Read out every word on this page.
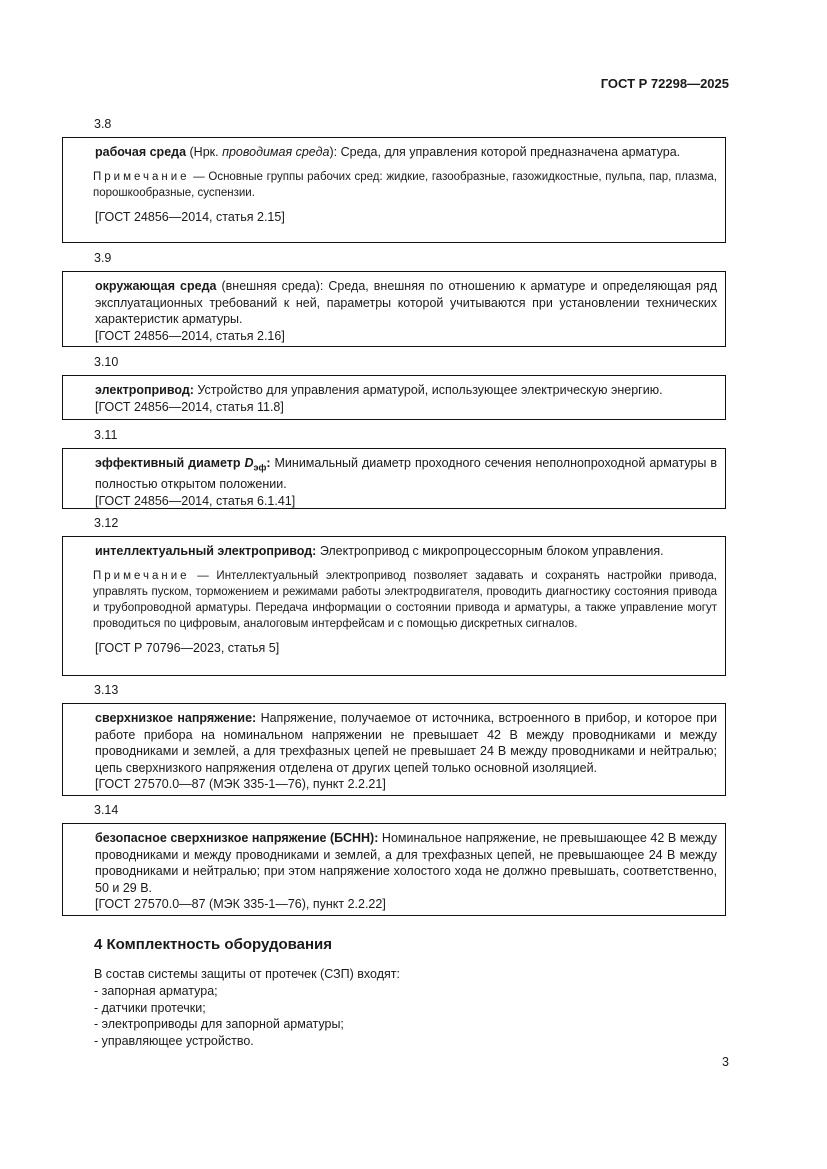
ГОСТ Р 72298—2025
3.8

рабочая среда (Нрк. проводимая среда): Среда, для управления которой предназначена арматура.

Примечание — Основные группы рабочих сред: жидкие, газообразные, газожидкостные, пульпа, пар, плазма, порошкообразные, суспензии.

[ГОСТ 24856—2014, статья 2.15]

3.9

окружающая среда (внешняя среда): Среда, внешняя по отношению к арматуре и определяющая ряд эксплуатационных требований к ней, параметры которой учитываются при установлении технических характеристик арматуры.

[ГОСТ 24856—2014, статья 2.16]

3.10

электропривод: Устройство для управления арматурой, использующее электрическую энергию.

[ГОСТ 24856—2014, статья 11.8]

3.11

эффективный диаметр $D_{эф}$: Минимальный диаметр проходного сечения неполнопроходной арматуры в полностью открытом положении.

[ГОСТ 24856—2014, статья 6.1.41]

3.12

интеллектуальный электропривод: Электропривод с микропроцессорным блоком управления.

Примечание — Интеллектуальный электропривод позволяет задавать и сохранять настройки привода, управлять пуском, торможением и режимами работы электродвигателя, проводить диагностику состояния привода и трубопроводной арматуры. Передача информации о состоянии привода и арматуры, а также управление могут проводиться по цифровым, аналоговым интерфейсам и с помощью дискретных сигналов.

[ГОСТ Р 70796—2023, статья 5]

3.13

сверхнизкое напряжение: Напряжение, получаемое от источника, встроенного в прибор, и которое при работе прибора на номинальном напряжении не превышает 42 В между проводниками и между проводниками и землей, а для трехфазных цепей не превышает 24 В между проводниками и нейтралью; цепь сверхнизкого напряжения отделена от других цепей только основной изоляцией.

[ГОСТ 27570.0—87 (МЭК 335-1—76), пункт 2.2.21]

3.14

безопасное сверхнизкое напряжение (БСНН): Номинальное напряжение, не превышающее 42 В между проводниками и между проводниками и землей, а для трехфазных цепей, не превышающее 24 В между проводниками и нейтралью; при этом напряжение холостого хода не должно превышать, соответственно, 50 и 29 В.

[ГОСТ 27570.0—87 (МЭК 335-1—76), пункт 2.2.22]

4 Комплектность оборудования
В состав системы защиты от протечек (СЗП) входят:
- запорная арматура;
- датчики протечки;
- электроприводы для запорной арматуры;
- управляющее устройство.
3
